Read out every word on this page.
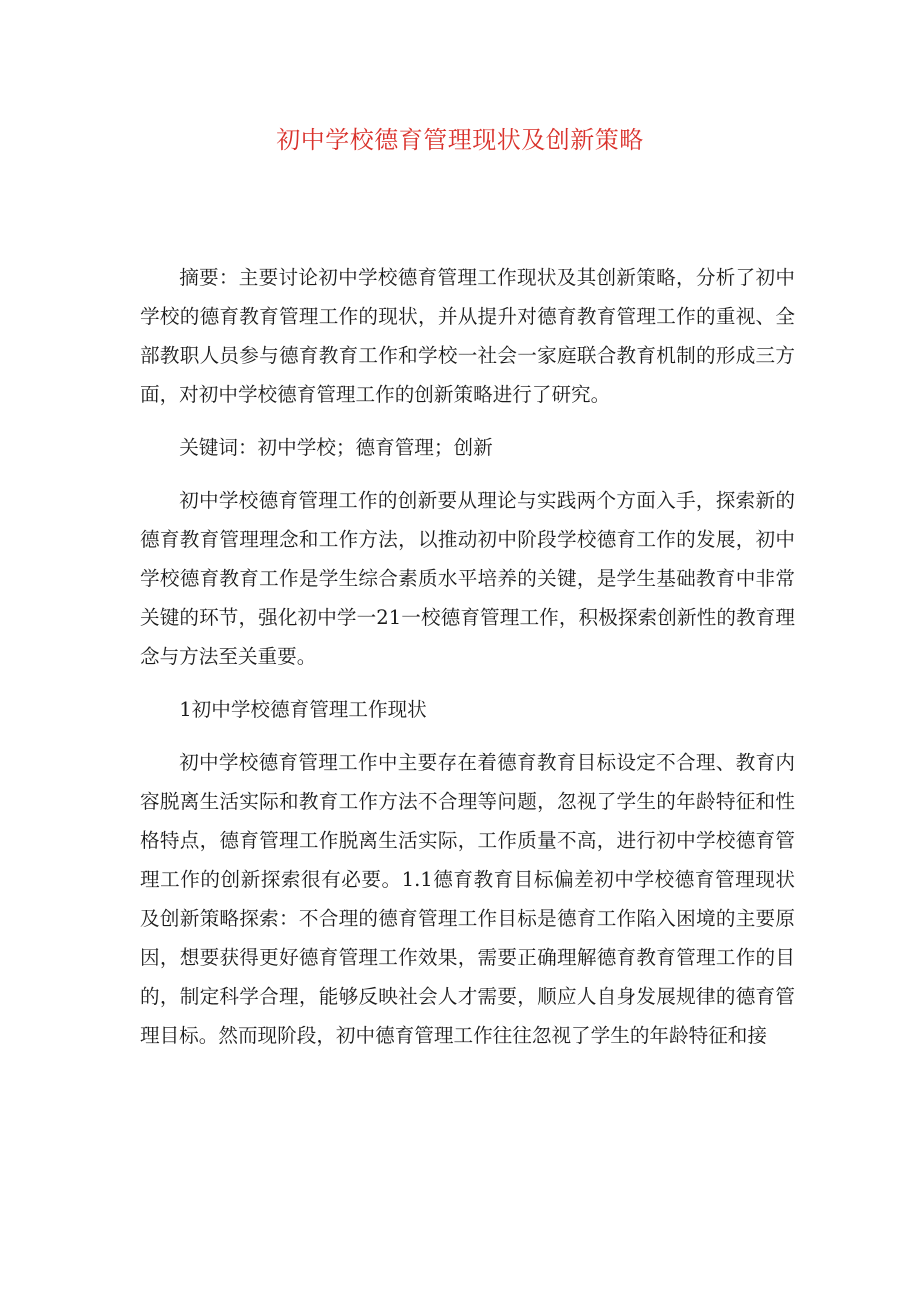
初中学校德育管理现状及创新策略

摘要：主要讨论初中学校德育管理工作现状及其创新策略，分析了初中学校的德育教育管理工作的现状，并从提升对德育教育管理工作的重视、全部教职人员参与德育教育工作和学校一社会一家庭联合教育机制的形成三方面，对初中学校德育管理工作的创新策略进行了研究。

关键词：初中学校；德育管理；创新

初中学校德育管理工作的创新要从理论与实践两个方面入手，探索新的德育教育管理理念和工作方法，以推动初中阶段学校德育工作的发展，初中学校德育教育工作是学生综合素质水平培养的关键，是学生基础教育中非常关键的环节，强化初中学一21一校德育管理工作，积极探索创新性的教育理念与方法至关重要。

1初中学校德育管理工作现状

初中学校德育管理工作中主要存在着德育教育目标设定不合理、教育内容脱离生活实际和教育工作方法不合理等问题，忽视了学生的年龄特征和性格特点，德育管理工作脱离生活实际，工作质量不高，进行初中学校德育管理工作的创新探索很有必要。1.1德育教育目标偏差初中学校德育管理现状及创新策略探索：不合理的德育管理工作目标是德育工作陷入困境的主要原因，想要获得更好德育管理工作效果，需要正确理解德育教育管理工作的目的，制定科学合理，能够反映社会人才需要，顺应人自身发展规律的德育管理目标。然而现阶段，初中德育管理工作往往忽视了学生的年龄特征和接
